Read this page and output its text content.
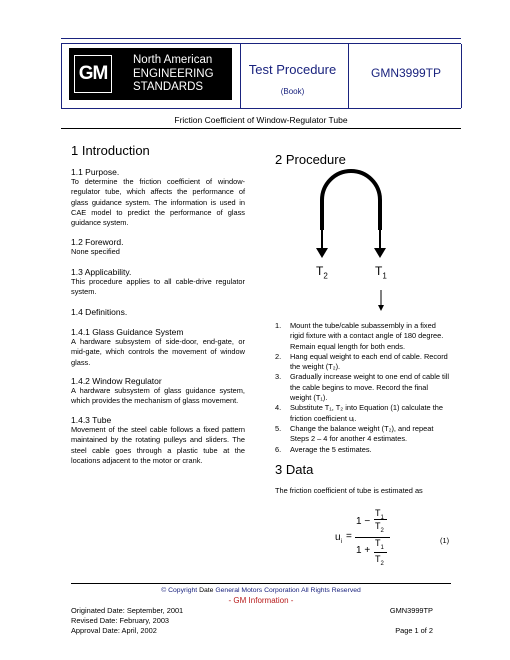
GM
North American
ENGINEERING
STANDARDS
Test Procedure
(Book)
GMN3999TP
Friction Coefficient of Window-Regulator Tube
1 Introduction
1.1 Purpose.
To determine the friction coefficient of window-regulator tube, which affects the performance of glass guidance system. The information is used in CAE model to predict the performance of glass guidance system.
1.2 Foreword.
None specified
1.3 Applicability.
This procedure applies to all cable-drive regulator system.
1.4 Definitions.
1.4.1 Glass Guidance System
A hardware subsystem of side-door, end-gate, or mid-gate, which controls the movement of window glass.
1.4.2 Window Regulator
A hardware subsystem of glass guidance system, which provides the mechanism of glass movement.
1.4.3 Tube
Movement of the steel cable follows a fixed pattern maintained by the rotating pulleys and sliders. The steel cable goes through a plastic tube at the locations adjacent to the motor or crank.
2 Procedure
$T_2$	$T_1$
1. Mount the tube/cable subassembly in a fixed rigid fixture with a contact angle of 180 degree. Remain equal length for both ends.
2. Hang equal weight to each end of cable. Record the weight (T₂).
3. Gradually increase weight to one end of cable till the cable begins to move. Record the final weight (T₁).
4. Substitute T₁, T₂ into Equation (1) calculate the friction coefficient uᵢ.
5. Change the balance weight (T₂), and repeat Steps 2 – 4 for another 4 estimates.
6. Average the 5 estimates.
3 Data
The friction coefficient of tube is estimated as
$u_i$ =
1 −
$T_1$
$T_2$
1 +
$T_1$
$T_2$
(1)
© Copyright Date General Motors Corporation All Rights Reserved
- GM Information -
Originated Date: September, 2001
Revised Date: February, 2003
Approval Date: April, 2002
GMN3999TP
Page 1 of 2
